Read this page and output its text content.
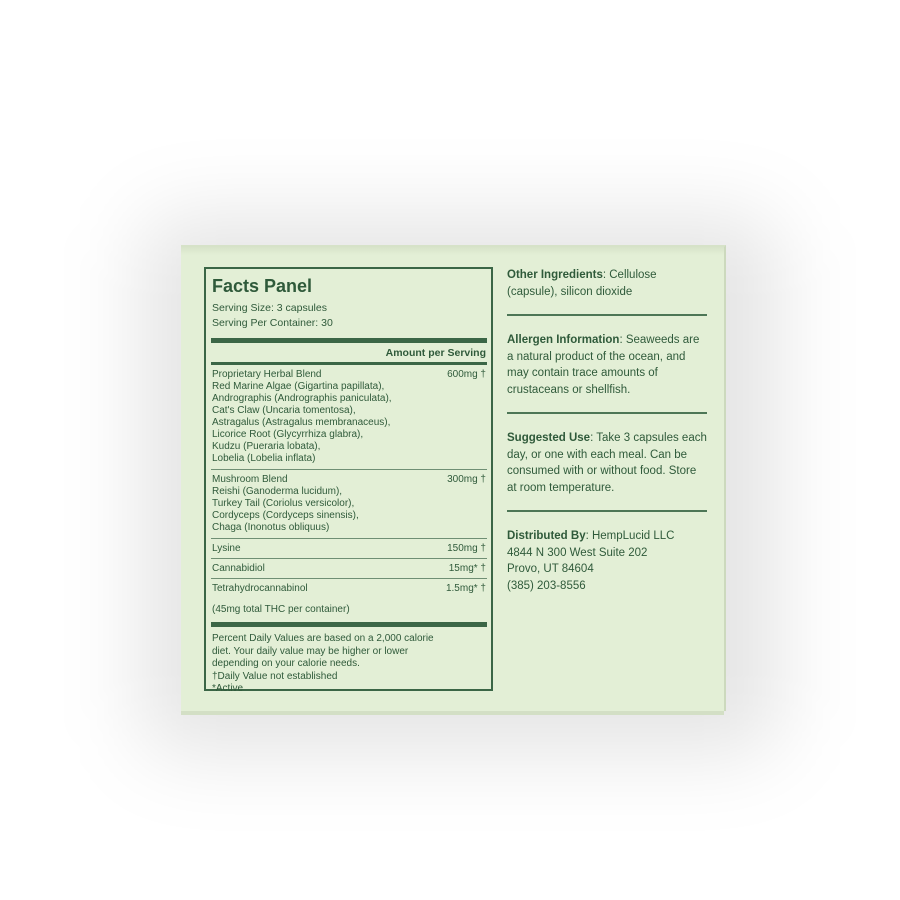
Facts Panel
Serving Size: 3 capsules
Serving Per Container: 30
Amount per Serving
Proprietary Herbal Blend	600mg †
Red Marine Algae (Gigartina papillata),
Andrographis (Andrographis paniculata),
Cat's Claw (Uncaria tomentosa),
Astragalus (Astragalus membranaceus),
Licorice Root (Glycyrrhiza glabra),
Kudzu (Pueraria lobata),
Lobelia (Lobelia inflata)
Mushroom Blend	300mg †
Reishi (Ganoderma lucidum),
Turkey Tail (Coriolus versicolor),
Cordyceps (Cordyceps sinensis),
Chaga (Inonotus obliquus)
Lysine	150mg †
Cannabidiol	15mg* †
Tetrahydrocannabinol	1.5mg* †
(45mg total THC per container)
Percent Daily Values are based on a 2,000 calorie
diet. Your daily value may be higher or lower
depending on your calorie needs.
†Daily Value not established
*Active
Other Ingredients: Cellulose (capsule), silicon dioxide
Allergen Information: Seaweeds are a natural product of the ocean, and may contain trace amounts of crustaceans or shellfish.
Suggested Use: Take 3 capsules each day, or one with each meal. Can be consumed with or without food. Store at room temperature.
Distributed By: HempLucid LLC
4844 N 300 West Suite 202
Provo, UT 84604
(385) 203-8556
